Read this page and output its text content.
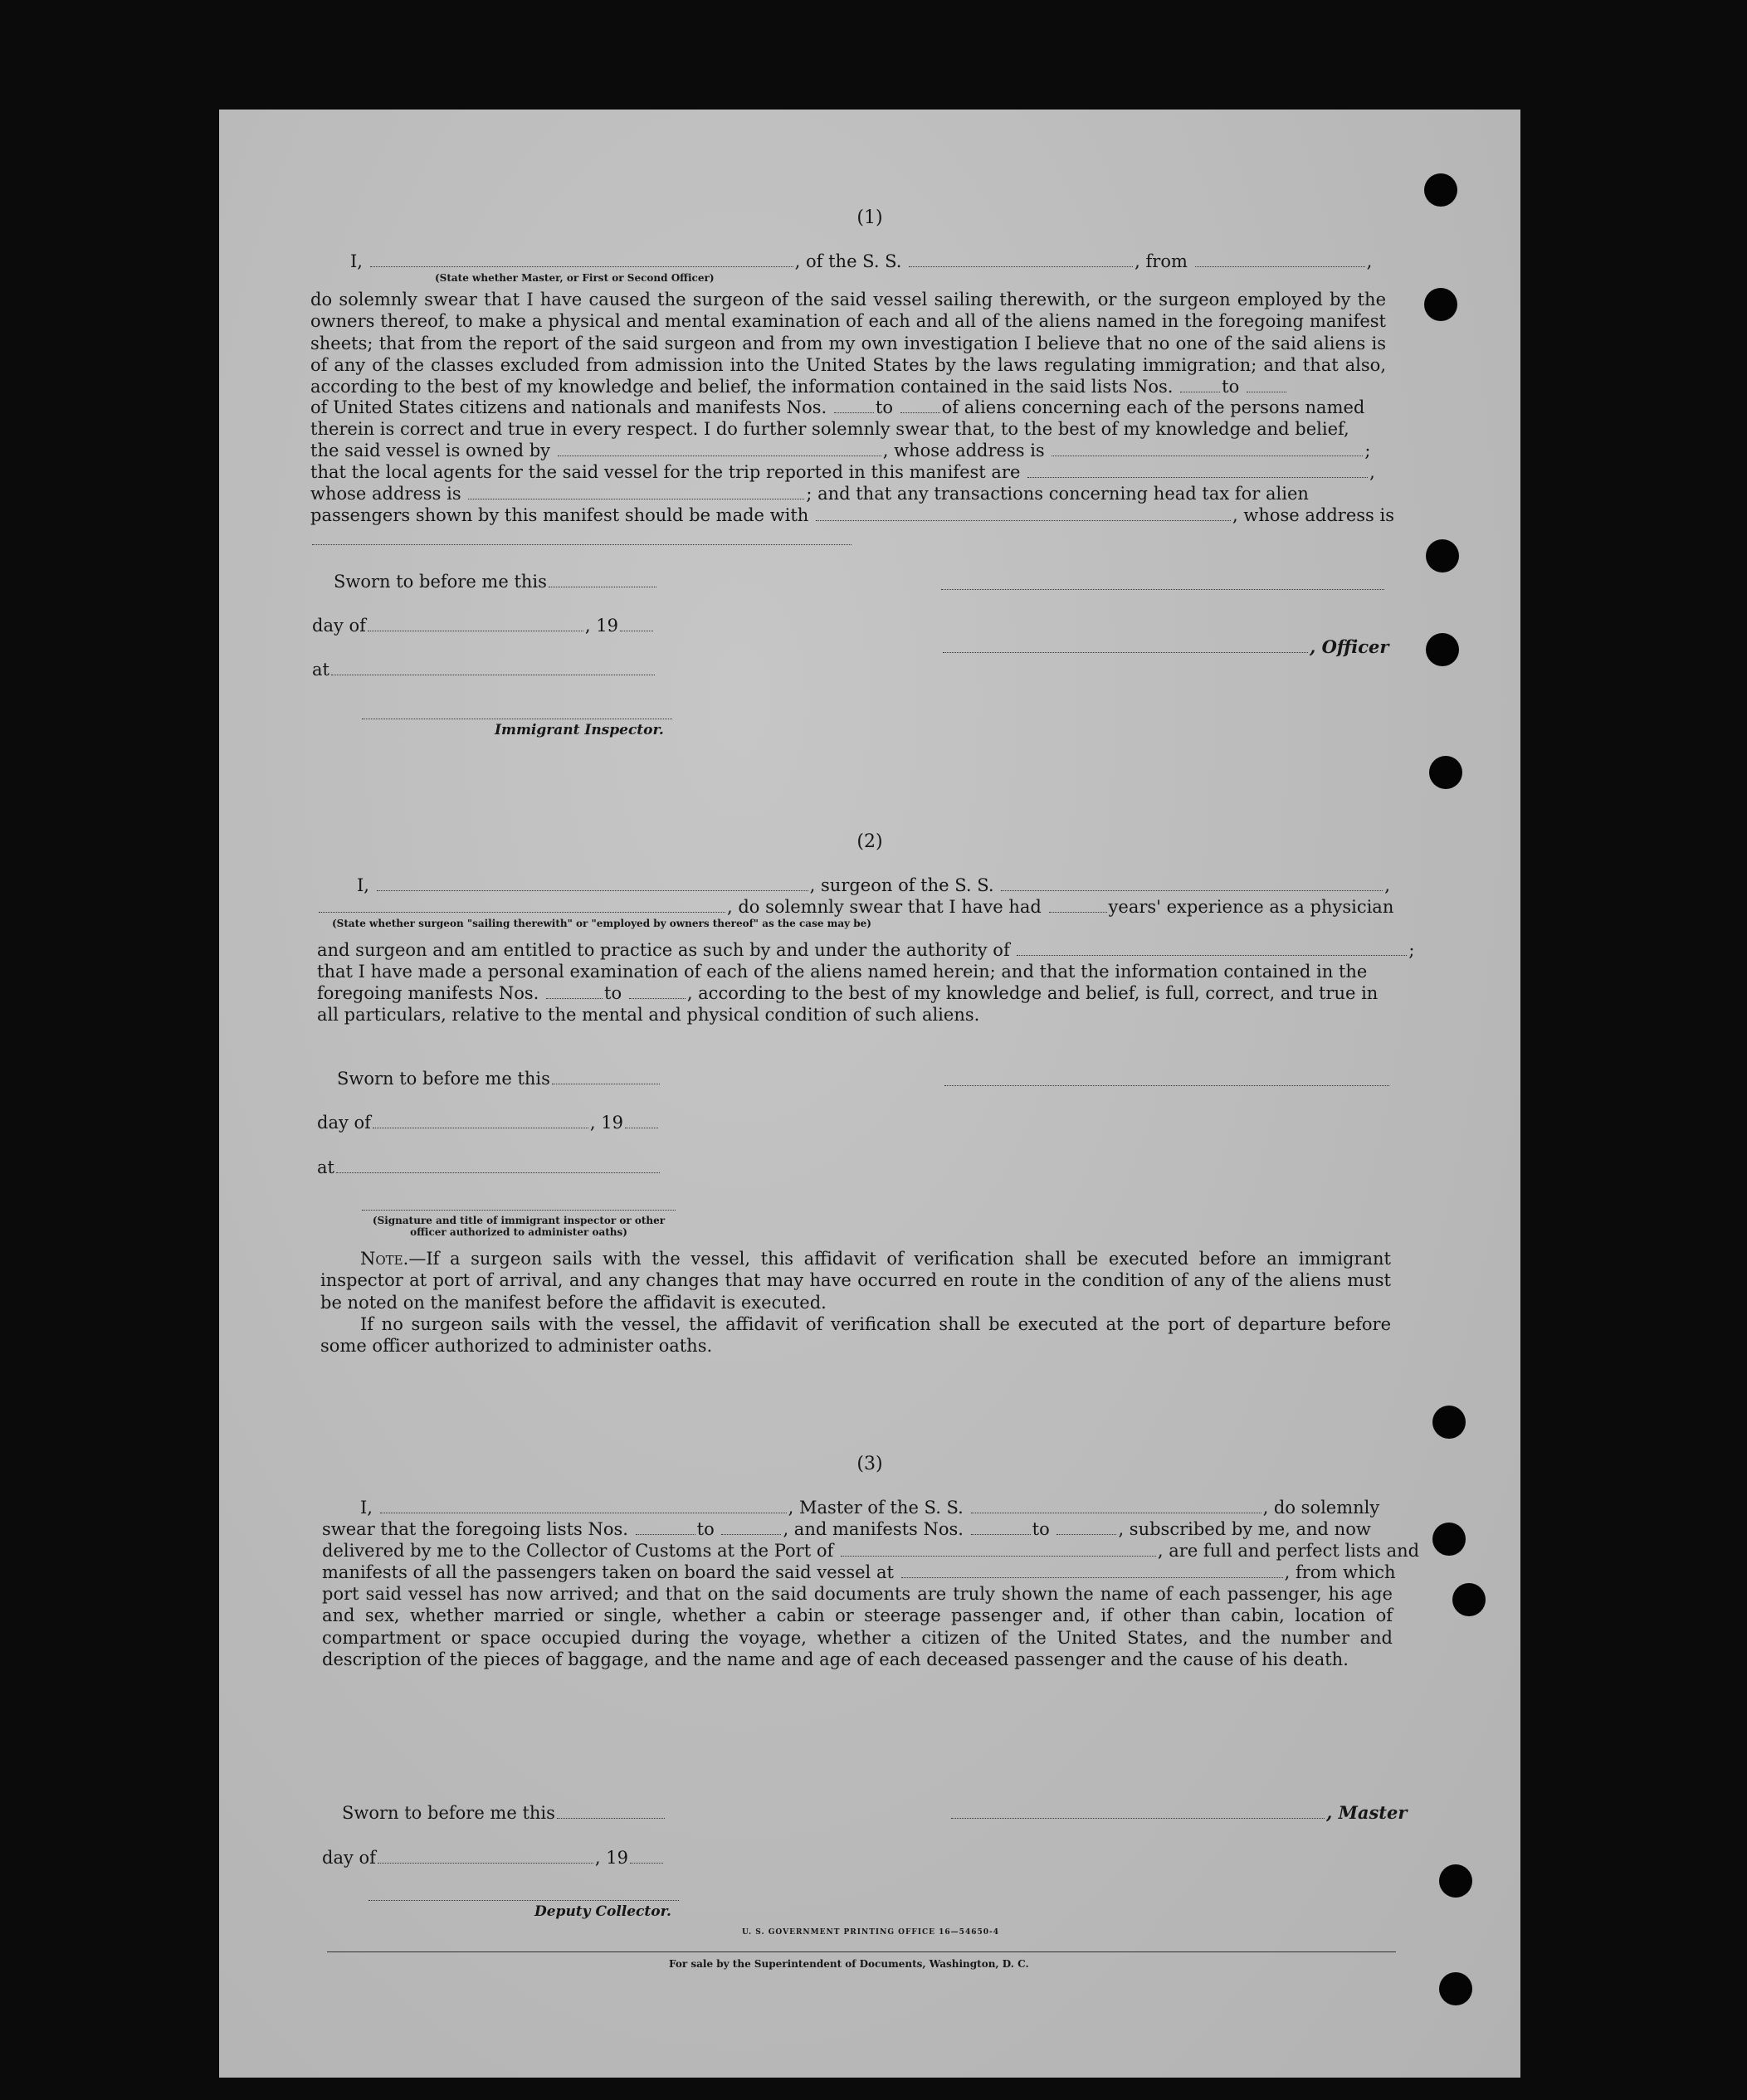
(1)
I,	, of the S. S.	, from	,
(State whether Master, or First or Second Officer)
do solemnly swear that I have caused the surgeon of the said vessel sailing therewith, or the surgeon employed by the owners thereof, to make a physical and mental examination of each and all of the aliens named in the foregoing manifest sheets; that from the report of the said surgeon and from my own investigation I believe that no one of the said aliens is of any of the classes excluded from admission into the United States by the laws regulating immigration; and that also, according to the best of my knowledge and belief, the information contained in the said lists Nos.	to
of United States citizens and nationals and manifests Nos.	to	of aliens concerning each of the persons named
therein is correct and true in every respect. I do further solemnly swear that, to the best of my knowledge and belief,
the said vessel is owned by	, whose address is	;
that the local agents for the said vessel for the trip reported in this manifest are	,
whose address is	; and that any transactions concerning head tax for alien
passengers shown by this manifest should be made with	, whose address is
Sworn to before me this
day of	, 19
, Officer
at
Immigrant Inspector.
(2)
I,	, surgeon of the S. S.	,
, do solemnly swear that I have had	years' experience as a physician
(State whether surgeon "sailing therewith" or "employed by owners thereof" as the case may be)
and surgeon and am entitled to practice as such by and under the authority of	;
that I have made a personal examination of each of the aliens named herein; and that the information contained in the
foregoing manifests Nos.	to	, according to the best of my knowledge and belief, is full, correct, and true in
all particulars, relative to the mental and physical condition of such aliens.
Sworn to before me this
day of	, 19
at
(Signature and title of immigrant inspector or other officer authorized to administer oaths)
Note.—If a surgeon sails with the vessel, this affidavit of verification shall be executed before an immigrant inspector at port of arrival, and any changes that may have occurred en route in the condition of any of the aliens must be noted on the manifest before the affidavit is executed.
If no surgeon sails with the vessel, the affidavit of verification shall be executed at the port of departure before some officer authorized to administer oaths.
(3)
I,	, Master of the S. S.	, do solemnly
swear that the foregoing lists Nos.	to	, and manifests Nos.	to	, subscribed by me, and now
delivered by me to the Collector of Customs at the Port of	, are full and perfect lists and
manifests of all the passengers taken on board the said vessel at	, from which
port said vessel has now arrived; and that on the said documents are truly shown the name of each passenger, his age and sex, whether married or single, whether a cabin or steerage passenger and, if other than cabin, location of compartment or space occupied during the voyage, whether a citizen of the United States, and the number and description of the pieces of baggage, and the name and age of each deceased passenger and the cause of his death.
Sworn to before me this	, Master
day of	, 19
Deputy Collector.
U. S. GOVERNMENT PRINTING OFFICE 16—54650-4
For sale by the Superintendent of Documents, Washington, D. C.
